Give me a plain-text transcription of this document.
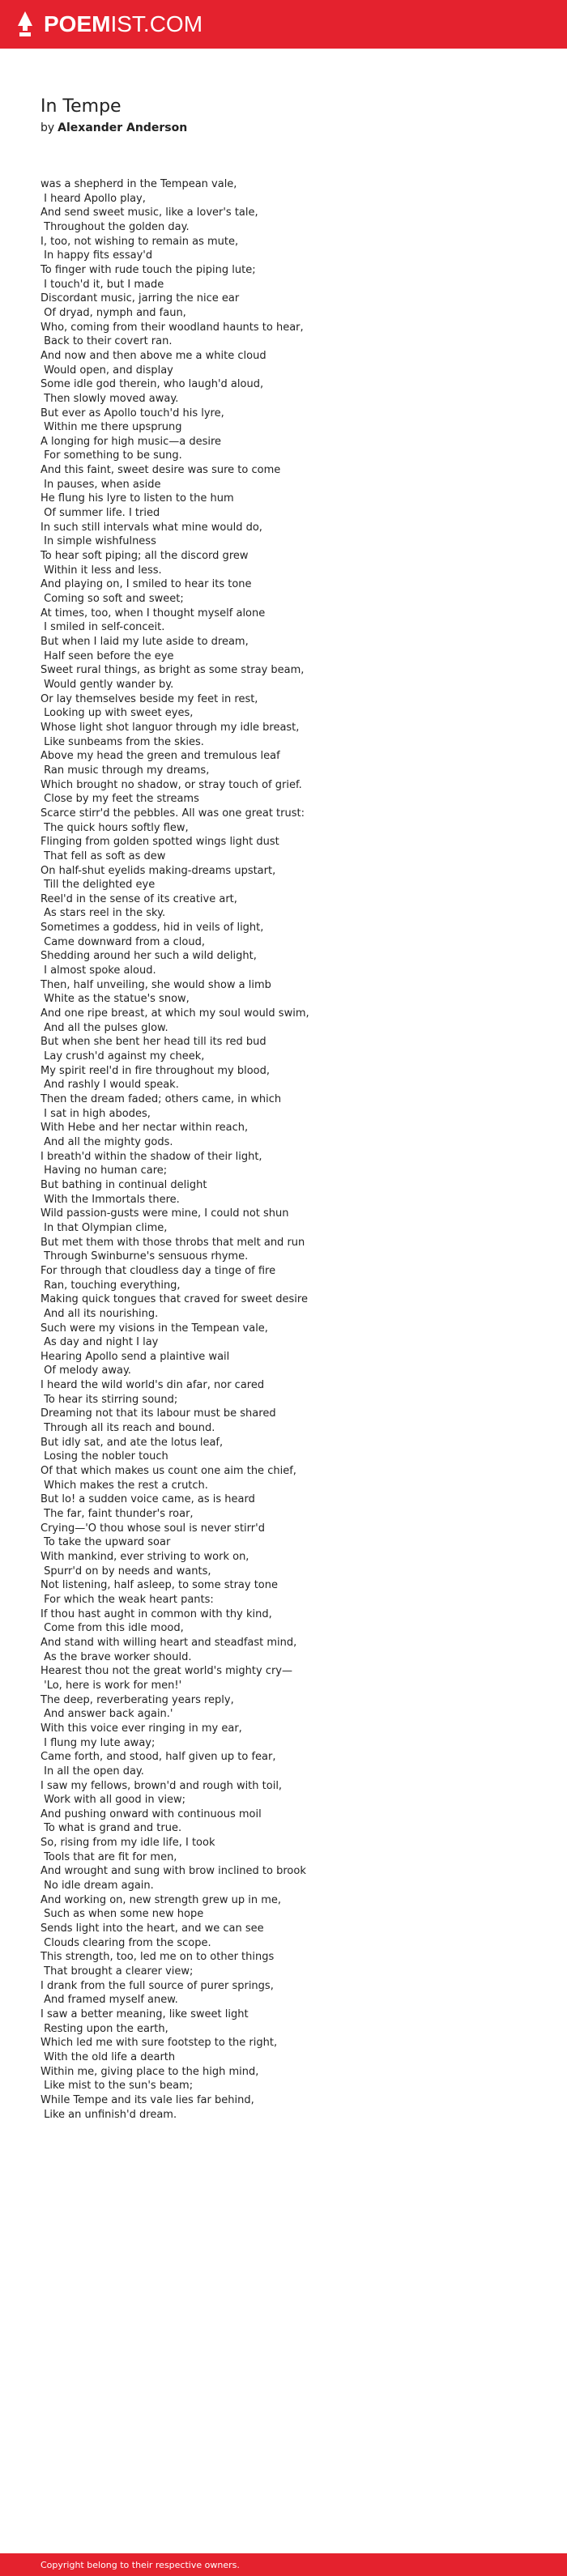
POEMIST.COM
In Tempe
by Alexander Anderson
was a shepherd in the Tempean vale,
I heard Apollo play,
And send sweet music, like a lover's tale,
Throughout the golden day.
I, too, not wishing to remain as mute,
In happy fits essay'd
To finger with rude touch the piping lute;
I touch'd it, but I made
Discordant music, jarring the nice ear
Of dryad, nymph and faun,
Who, coming from their woodland haunts to hear,
Back to their covert ran.
And now and then above me a white cloud
Would open, and display
Some idle god therein, who laugh'd aloud,
Then slowly moved away.
But ever as Apollo touch'd his lyre,
Within me there upsprung
A longing for high music—a desire
For something to be sung.
And this faint, sweet desire was sure to come
In pauses, when aside
He flung his lyre to listen to the hum
Of summer life. I tried
In such still intervals what mine would do,
In simple wishfulness
To hear soft piping; all the discord grew
Within it less and less.
And playing on, I smiled to hear its tone
Coming so soft and sweet;
At times, too, when I thought myself alone
I smiled in self-conceit.
But when I laid my lute aside to dream,
Half seen before the eye
Sweet rural things, as bright as some stray beam,
Would gently wander by.
Or lay themselves beside my feet in rest,
Looking up with sweet eyes,
Whose light shot languor through my idle breast,
Like sunbeams from the skies.
Above my head the green and tremulous leaf
Ran music through my dreams,
Which brought no shadow, or stray touch of grief.
Close by my feet the streams
Scarce stirr'd the pebbles. All was one great trust:
The quick hours softly flew,
Flinging from golden spotted wings light dust
That fell as soft as dew
On half-shut eyelids making-dreams upstart,
Till the delighted eye
Reel'd in the sense of its creative art,
As stars reel in the sky.
Sometimes a goddess, hid in veils of light,
Came downward from a cloud,
Shedding around her such a wild delight,
I almost spoke aloud.
Then, half unveiling, she would show a limb
White as the statue's snow,
And one ripe breast, at which my soul would swim,
And all the pulses glow.
But when she bent her head till its red bud
Lay crush'd against my cheek,
My spirit reel'd in fire throughout my blood,
And rashly I would speak.
Then the dream faded; others came, in which
I sat in high abodes,
With Hebe and her nectar within reach,
And all the mighty gods.
I breath'd within the shadow of their light,
Having no human care;
But bathing in continual delight
With the Immortals there.
Wild passion-gusts were mine, I could not shun
In that Olympian clime,
But met them with those throbs that melt and run
Through Swinburne's sensuous rhyme.
For through that cloudless day a tinge of fire
Ran, touching everything,
Making quick tongues that craved for sweet desire
And all its nourishing.
Such were my visions in the Tempean vale,
As day and night I lay
Hearing Apollo send a plaintive wail
Of melody away.
I heard the wild world's din afar, nor cared
To hear its stirring sound;
Dreaming not that its labour must be shared
Through all its reach and bound.
But idly sat, and ate the lotus leaf,
Losing the nobler touch
Of that which makes us count one aim the chief,
Which makes the rest a crutch.
But lo! a sudden voice came, as is heard
The far, faint thunder's roar,
Crying—'O thou whose soul is never stirr'd
To take the upward soar
With mankind, ever striving to work on,
Spurr'd on by needs and wants,
Not listening, half asleep, to some stray tone
For which the weak heart pants:
If thou hast aught in common with thy kind,
Come from this idle mood,
And stand with willing heart and steadfast mind,
As the brave worker should.
Hearest thou not the great world's mighty cry—
'Lo, here is work for men!'
The deep, reverberating years reply,
And answer back again.'
With this voice ever ringing in my ear,
I flung my lute away;
Came forth, and stood, half given up to fear,
In all the open day.
I saw my fellows, brown'd and rough with toil,
Work with all good in view;
And pushing onward with continuous moil
To what is grand and true.
So, rising from my idle life, I took
Tools that are fit for men,
And wrought and sung with brow inclined to brook
No idle dream again.
And working on, new strength grew up in me,
Such as when some new hope
Sends light into the heart, and we can see
Clouds clearing from the scope.
This strength, too, led me on to other things
That brought a clearer view;
I drank from the full source of purer springs,
And framed myself anew.
I saw a better meaning, like sweet light
Resting upon the earth,
Which led me with sure footstep to the right,
With the old life a dearth
Within me, giving place to the high mind,
Like mist to the sun's beam;
While Tempe and its vale lies far behind,
Like an unfinish'd dream.
Copyright belong to their respective owners.
